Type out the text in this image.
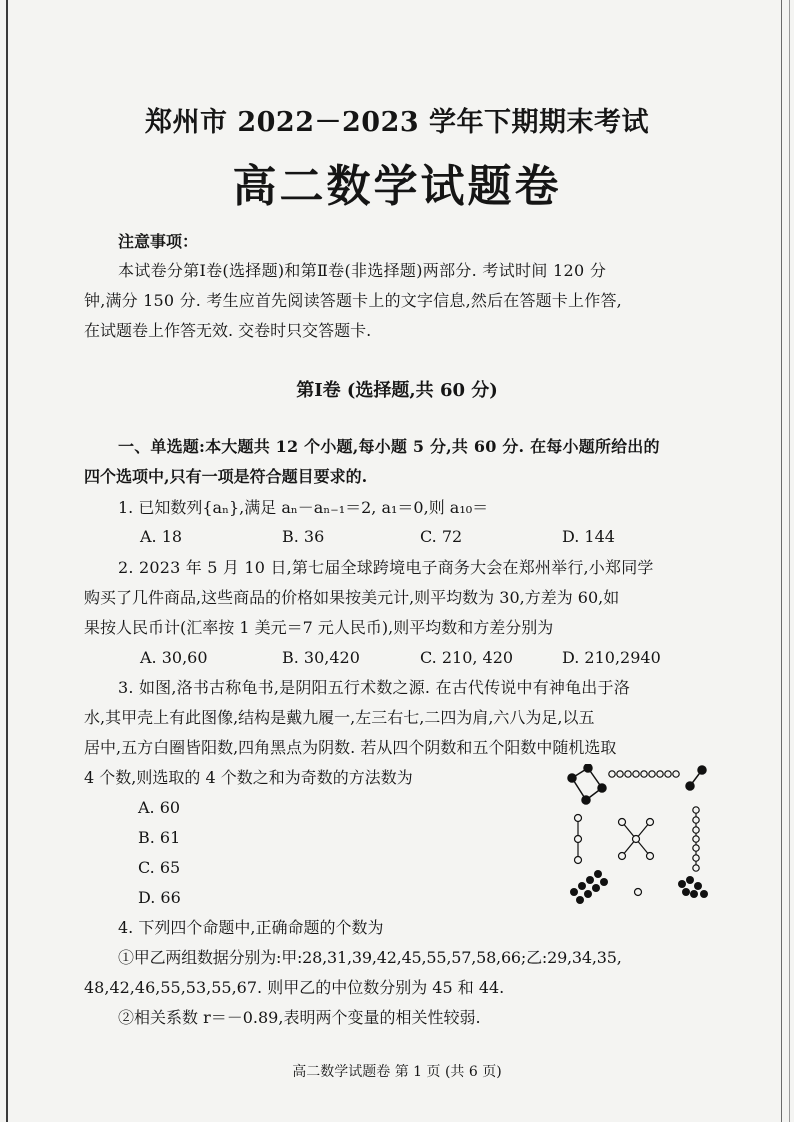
郑州市 2022－2023 学年下期期末考试
高二数学试题卷
注意事项：
本试卷分第Ⅰ卷(选择题)和第Ⅱ卷(非选择题)两部分. 考试时间 120 分
钟,满分 150 分. 考生应首先阅读答题卡上的文字信息,然后在答题卡上作答,
在试题卷上作答无效. 交卷时只交答题卡.
第Ⅰ卷 (选择题,共 60 分)
一、单选题:本大题共 12 个小题,每小题 5 分,共 60 分. 在每小题所给出的
四个选项中,只有一项是符合题目要求的.
1. 已知数列{aₙ},满足 aₙ－aₙ₋₁＝2, a₁＝0,则 a₁₀＝
A. 18	B. 36	C. 72	D. 144
2. 2023 年 5 月 10 日,第七届全球跨境电子商务大会在郑州举行,小郑同学
购买了几件商品,这些商品的价格如果按美元计,则平均数为 30,方差为 60,如
果按人民币计(汇率按 1 美元＝7 元人民币),则平均数和方差分别为
A. 30,60	B. 30,420	C. 210, 420	D. 210,2940
3. 如图,洛书古称龟书,是阴阳五行术数之源. 在古代传说中有神龟出于洛
水,其甲壳上有此图像,结构是戴九履一,左三右七,二四为肩,六八为足,以五
居中,五方白圈皆阳数,四角黑点为阴数. 若从四个阴数和五个阳数中随机选取
4 个数,则选取的 4 个数之和为奇数的方法数为
A. 60
B. 61
C. 65
D. 66
4. 下列四个命题中,正确命题的个数为
①甲乙两组数据分别为:甲:28,31,39,42,45,55,57,58,66;乙:29,34,35,
48,42,46,55,53,55,67. 则甲乙的中位数分别为 45 和 44.
②相关系数 r＝－0.89,表明两个变量的相关性较弱.
高二数学试题卷 第 1 页 (共 6 页)
